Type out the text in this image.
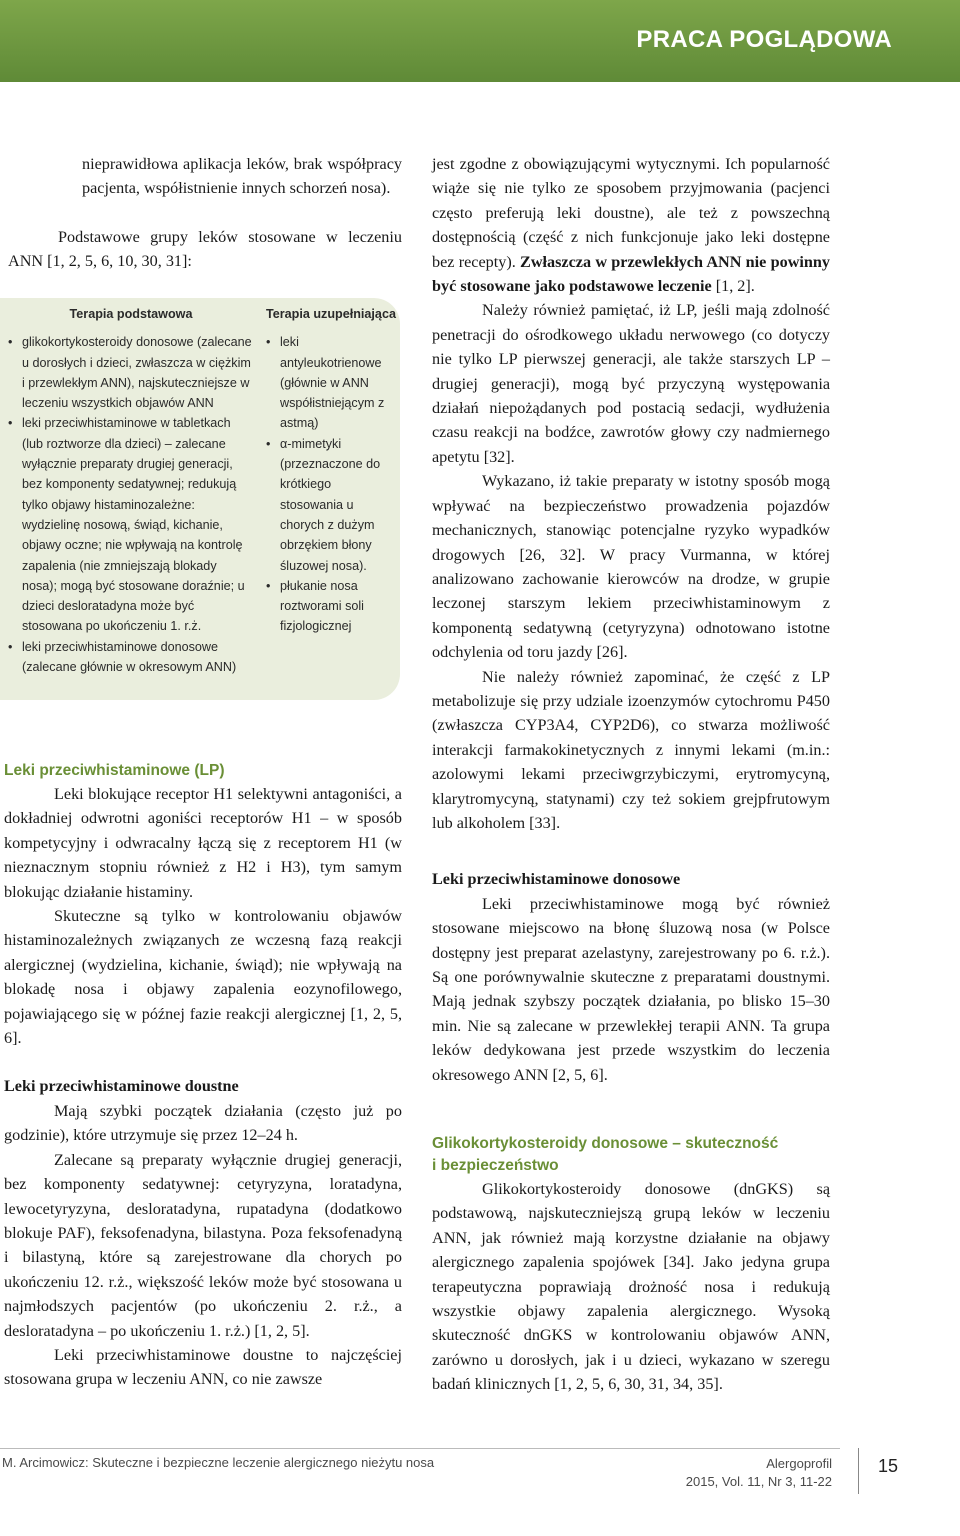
PRACA POGLĄDOWA

nieprawidłowa aplikacja leków, brak współpracy pacjenta, współistnienie innych schorzeń nosa).

Podstawowe grupy leków stosowane w leczeniu ANN [1, 2, 5, 6, 10, 30, 31]:

Terapia podstawowa
• glikokortykosteroidy donosowe (zalecane u dorosłych i dzieci, zwłaszcza w ciężkim i przewlekłym ANN), najskuteczniejsze w leczeniu wszystkich objawów ANN
• leki przeciwhistaminowe w tabletkach (lub roztworze dla dzieci) – zalecane wyłącznie preparaty drugiej generacji, bez komponenty sedatywnej; redukują tylko objawy histaminozależne: wydzielinę nosową, świąd, kichanie, objawy oczne; nie wpływają na kontrolę zapalenia (nie zmniejszają blokady nosa); mogą być stosowane doraźnie; u dzieci desloratadyna może być stosowana po ukończeniu 1. r.ż.
• leki przeciwhistaminowe donosowe (zalecane głównie w okresowym ANN)
Terapia uzupełniająca
• leki antyleukotrienowe (głównie w ANN współistniejącym z astmą)
• α-mimetyki (przeznaczone do krótkiego stosowania u chorych z dużym obrzękiem błony śluzowej nosa).
• płukanie nosa roztworami soli fizjologicznej
Leki przeciwhistaminowe (LP)

Leki blokujące receptor H1 selektywni antagoniści, a dokładniej odwrotni agoniści receptorów H1 – w sposób kompetycyjny i odwracalny łączą się z receptorem H1 (w nieznacznym stopniu również z H2 i H3), tym samym blokując działanie histaminy.

Skuteczne są tylko w kontrolowaniu objawów histaminozależnych związanych ze wczesną fazą reakcji alergicznej (wydzielina, kichanie, świąd); nie wpływają na blokadę nosa i objawy zapalenia eozynofilowego, pojawiającego się w późnej fazie reakcji alergicznej [1, 2, 5, 6].

Leki przeciwhistaminowe doustne

Mają szybki początek działania (często już po godzinie), które utrzymuje się przez 12–24 h.

Zalecane są preparaty wyłącznie drugiej generacji, bez komponenty sedatywnej: cetyryzyna, loratadyna, lewocetyryzyna, desloratadyna, rupatadyna (dodatkowo blokuje PAF), feksofenadyna, bilastyna. Poza feksofenadyną i bilastyną, które są zarejestrowane dla chorych po ukończeniu 12. r.ż., większość leków może być stosowana u najmłodszych pacjentów (po ukończeniu 2. r.ż., a desloratadyna – po ukończeniu 1. r.ż.) [1, 2, 5].

Leki przeciwhistaminowe doustne to najczęściej stosowana grupa w leczeniu ANN, co nie zawsze

jest zgodne z obowiązującymi wytycznymi. Ich popularność wiąże się nie tylko ze sposobem przyjmowania (pacjenci często preferują leki doustne), ale też z powszechną dostępnością (część z nich funkcjonuje jako leki dostępne bez recepty). Zwłaszcza w przewlekłych ANN nie powinny być stosowane jako podstawowe leczenie [1, 2].

Należy również pamiętać, iż LP, jeśli mają zdolność penetracji do ośrodkowego układu nerwowego (co dotyczy nie tylko LP pierwszej generacji, ale także starszych LP – drugiej generacji), mogą być przyczyną występowania działań niepożądanych pod postacią sedacji, wydłużenia czasu reakcji na bodźce, zawrotów głowy czy nadmiernego apetytu [32].

Wykazano, iż takie preparaty w istotny sposób mogą wpływać na bezpieczeństwo prowadzenia pojazdów mechanicznych, stanowiąc potencjalne ryzyko wypadków drogowych [26, 32]. W pracy Vurmanna, w której analizowano zachowanie kierowców na drodze, w grupie leczonej starszym lekiem przeciwhistaminowym z komponentą sedatywną (cetyryzyna) odnotowano istotne odchylenia od toru jazdy [26].

Nie należy również zapominać, że część z LP metabolizuje się przy udziale izoenzymów cytochromu P450 (zwłaszcza CYP3A4, CYP2D6), co stwarza możliwość interakcji farmakokinetycznych z innymi lekami (m.in.: azolowymi lekami przeciwgrzybiczymi, erytromycyną, klarytromycyną, statynami) czy też sokiem grejpfrutowym lub alkoholem [33].

Leki przeciwhistaminowe donosowe

Leki przeciwhistaminowe mogą być również stosowane miejscowo na błonę śluzową nosa (w Polsce dostępny jest preparat azelastyny, zarejestrowany po 6. r.ż.). Są one porównywalnie skuteczne z preparatami doustnymi. Mają jednak szybszy początek działania, po blisko 15–30 min. Nie są zalecane w przewlekłej terapii ANN. Ta grupa leków dedykowana jest przede wszystkim do leczenia okresowego ANN [2, 5, 6].

Glikokortykosteroidy donosowe – skuteczność
i bezpieczeństwo

Glikokortykosteroidy donosowe (dnGKS) są podstawową, najskuteczniejszą grupą leków w leczeniu ANN, jak również mają korzystne działanie na objawy alergicznego zapalenia spojówek [34]. Jako jedyna grupa terapeutyczna poprawiają drożność nosa i redukują wszystkie objawy zapalenia alergicznego. Wysoką skuteczność dnGKS w kontrolowaniu objawów ANN, zarówno u dorosłych, jak i u dzieci, wykazano w szeregu badań klinicznych [1, 2, 5, 6, 30, 31, 34, 35].

M. Arcimowicz: Skuteczne i bezpieczne leczenie alergicznego nieżytu nosa	Alergoprofil
2015, Vol. 11, Nr 3, 11-22
15
